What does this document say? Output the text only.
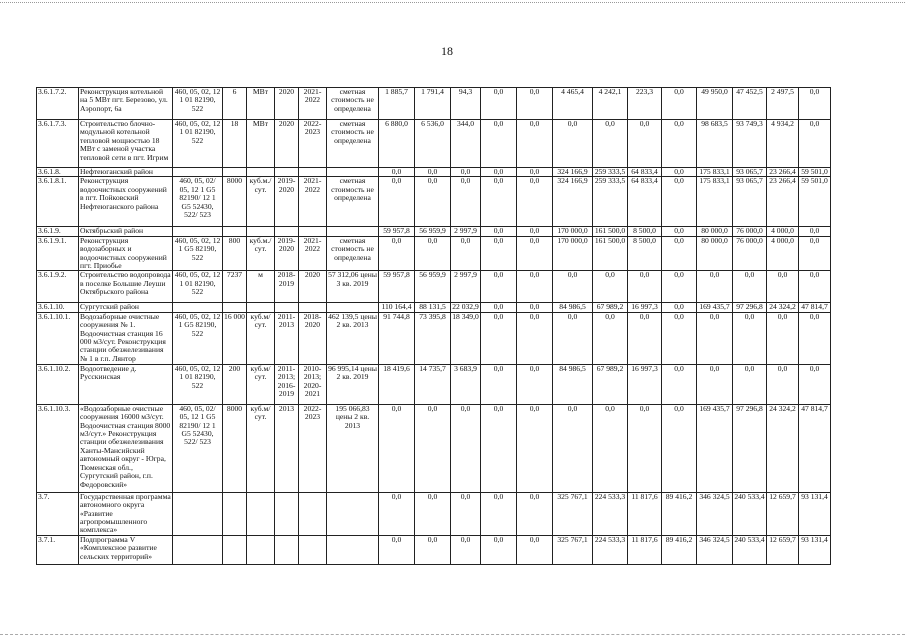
18
3.6.1.7.2.	Реконструкция котельной на 5 МВт пгт. Березово, ул. Аэропорт, 6а	460, 05, 02, 12 1 01 82190, 522	6	МВт	2020	2021-2022	сметная стоимость не определена	1 885,7	1 791,4	94,3	0,0	0,0	4 465,4	4 242,1	223,3	0,0	49 950,0	47 452,5	2 497,5	0,0
3.6.1.7.3.	Строительство блочно-модульной котельной тепловой мощностью 18 МВт с заменой участка тепловой сети в пгт. Игрим	460, 05, 02, 12 1 01 82190, 522	18	МВт	2020	2022-2023	сметная стоимость не определена	6 880,0	6 536,0	344,0	0,0	0,0	0,0	0,0	0,0	0,0	98 683,5	93 749,3	4 934,2	0,0
3.6.1.8.	Нефтеюганский район							0,0	0,0	0,0	0,0	0,0	324 166,9	259 333,5	64 833,4	0,0	175 833,1	93 065,7	23 266,4	59 501,0
3.6.1.8.1.	Реконструкция водоочистных сооружений в пгт. Пойковский Нефтеюганского района	460, 05, 02/ 05, 12 1 G5 82190/ 12 1 G5 52430, 522/ 523	8000	куб.м./ сут.	2019-2020	2021-2022	сметная стоимость не определена	0,0	0,0	0,0	0,0	0,0	324 166,9	259 333,5	64 833,4	0,0	175 833,1	93 065,7	23 266,4	59 501,0
3.6.1.9.	Октябрьский район							59 957,8	56 959,9	2 997,9	0,0	0,0	170 000,0	161 500,0	8 500,0	0,0	80 000,0	76 000,0	4 000,0	0,0
3.6.1.9.1.	Реконструкция водозаборных и водоочистных сооружений пгт. Приобье	460, 05, 02, 12 1 G5 82190, 522	800	куб.м./ сут.	2019-2020	2021-2022	сметная стоимость не определена	0,0	0,0	0,0	0,0	0,0	170 000,0	161 500,0	8 500,0	0,0	80 000,0	76 000,0	4 000,0	0,0
3.6.1.9.2.	Строительство водопровода в поселке Большие Леуши Октябрьского района	460, 05, 02, 12 1 01 82190, 522	7237	м	2018-2019	2020	57 312,06 цены 3 кв. 2019	59 957,8	56 959,9	2 997,9	0,0	0,0	0,0	0,0	0,0	0,0	0,0	0,0	0,0	0,0
3.6.1.10.	Сургутский район							110 164,4	88 131,5	22 032,9	0,0	0,0	84 986,5	67 989,2	16 997,3	0,0	169 435,7	97 296,8	24 324,2	47 814,7
3.6.1.10.1.	Водозаборные очистные сооружения № 1. Водоочистная станция 16 000 м3/сут. Реконструкция станции обезжелезивания № 1 в г.п. Лянтор	460, 05, 02, 12 1 G5 82190, 522	16 000	куб.м/ сут.	2011-2013	2018-2020	462 139,5 цены 2 кв. 2013	91 744,8	73 395,8	18 349,0	0,0	0,0	0,0	0,0	0,0	0,0	0,0	0,0	0,0	0,0
3.6.1.10.2.	Водоотведение д. Русскинская	460, 05, 02, 12 1 01 82190, 522	200	куб.м/ сут.	2011-2013; 2016-2019	2010-2013; 2020-2021	96 995,14 цены 2 кв. 2019	18 419,6	14 735,7	3 683,9	0,0	0,0	84 986,5	67 989,2	16 997,3	0,0	0,0	0,0	0,0	0,0
3.6.1.10.3.	«Водозаборные очистные сооружения 16000 м3/сут. Водоочистная станция 8000 м3/сут.» Реконструкция станции обезжелезивания Ханты-Мансийский автономный округ - Югра, Тюменская обл., Сургутский район, г.п. Федоровский»	460, 05, 02/ 05, 12 1 G5 82190/ 12 1 G5 52430, 522/ 523	8000	куб.м/ сут.	2013	2022-2023	195 066,83 цены 2 кв. 2013	0,0	0,0	0,0	0,0	0,0	0,0	0,0	0,0	0,0	169 435,7	97 296,8	24 324,2	47 814,7
3.7.	Государственная программа автономного округа «Развитие агропромышленного комплекса»							0,0	0,0	0,0	0,0	0,0	325 767,1	224 533,3	11 817,6	89 416,2	346 324,5	240 533,4	12 659,7	93 131,4
3.7.1.	Подпрограмма V «Комплексное развитие сельских территорий»							0,0	0,0	0,0	0,0	0,0	325 767,1	224 533,3	11 817,6	89 416,2	346 324,5	240 533,4	12 659,7	93 131,4
